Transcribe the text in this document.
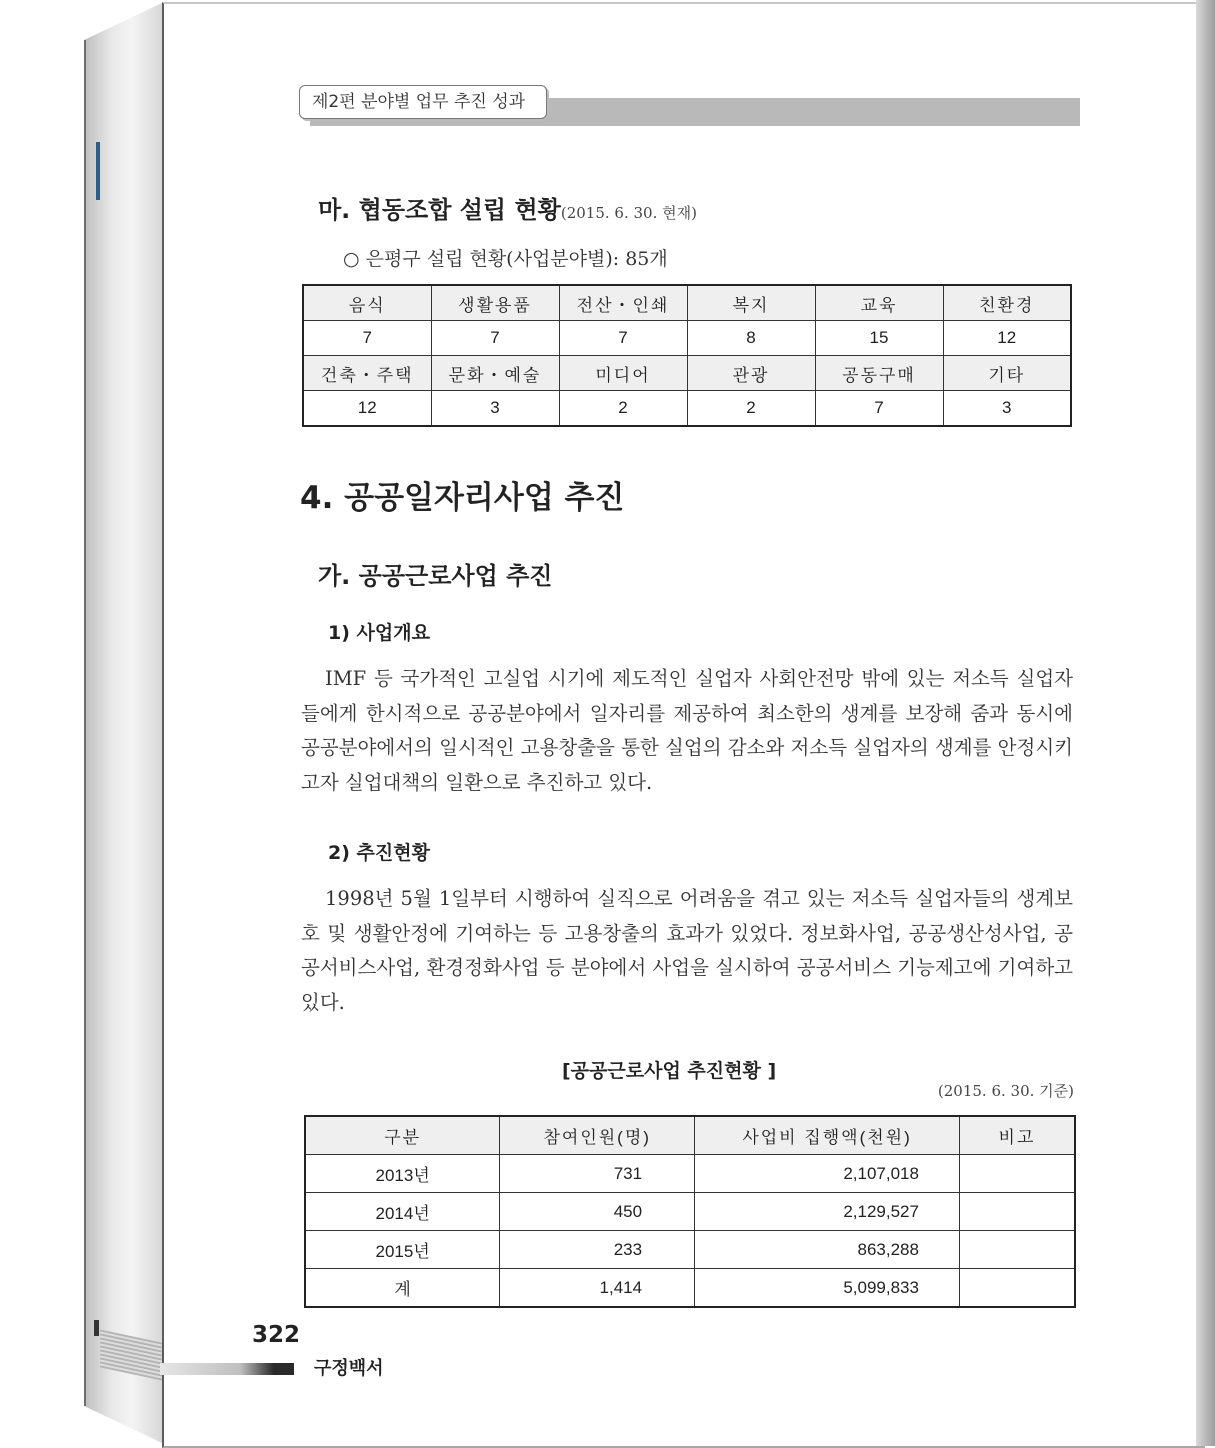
제2편 분야별 업무 추진 성과
마. 협동조합 설립 현황(2015. 6. 30. 현재)
○ 은평구 설립 현황(사업분야별): 85개
음식	생활용품	전산・인쇄	복지	교육	친환경
7	7	7	8	15	12
건축・주택	문화・예술	미디어	관광	공동구매	기타
12	3	2	2	7	3
4. 공공일자리사업 추진
가. 공공근로사업 추진
1) 사업개요
IMF 등 국가적인 고실업 시기에 제도적인 실업자 사회안전망 밖에 있는 저소득 실업자들에게 한시적으로 공공분야에서 일자리를 제공하여 최소한의 생계를 보장해 줌과 동시에 공공분야에서의 일시적인 고용창출을 통한 실업의 감소와 저소득 실업자의 생계를 안정시키고자 실업대책의 일환으로 추진하고 있다.
2) 추진현황
1998년 5월 1일부터 시행하여 실직으로 어려움을 겪고 있는 저소득 실업자들의 생계보호 및 생활안정에 기여하는 등 고용창출의 효과가 있었다. 정보화사업, 공공생산성사업, 공공서비스사업, 환경정화사업 등 분야에서 사업을 실시하여 공공서비스 기능제고에 기여하고 있다.
[공공근로사업 추진현황 ]
(2015. 6. 30. 기준)
구분	참여인원(명)	사업비 집행액(천원)	비고
2013년	731	2,107,018	
2014년	450	2,129,527	
2015년	233	863,288	
계	1,414	5,099,833	
322
구정백서
